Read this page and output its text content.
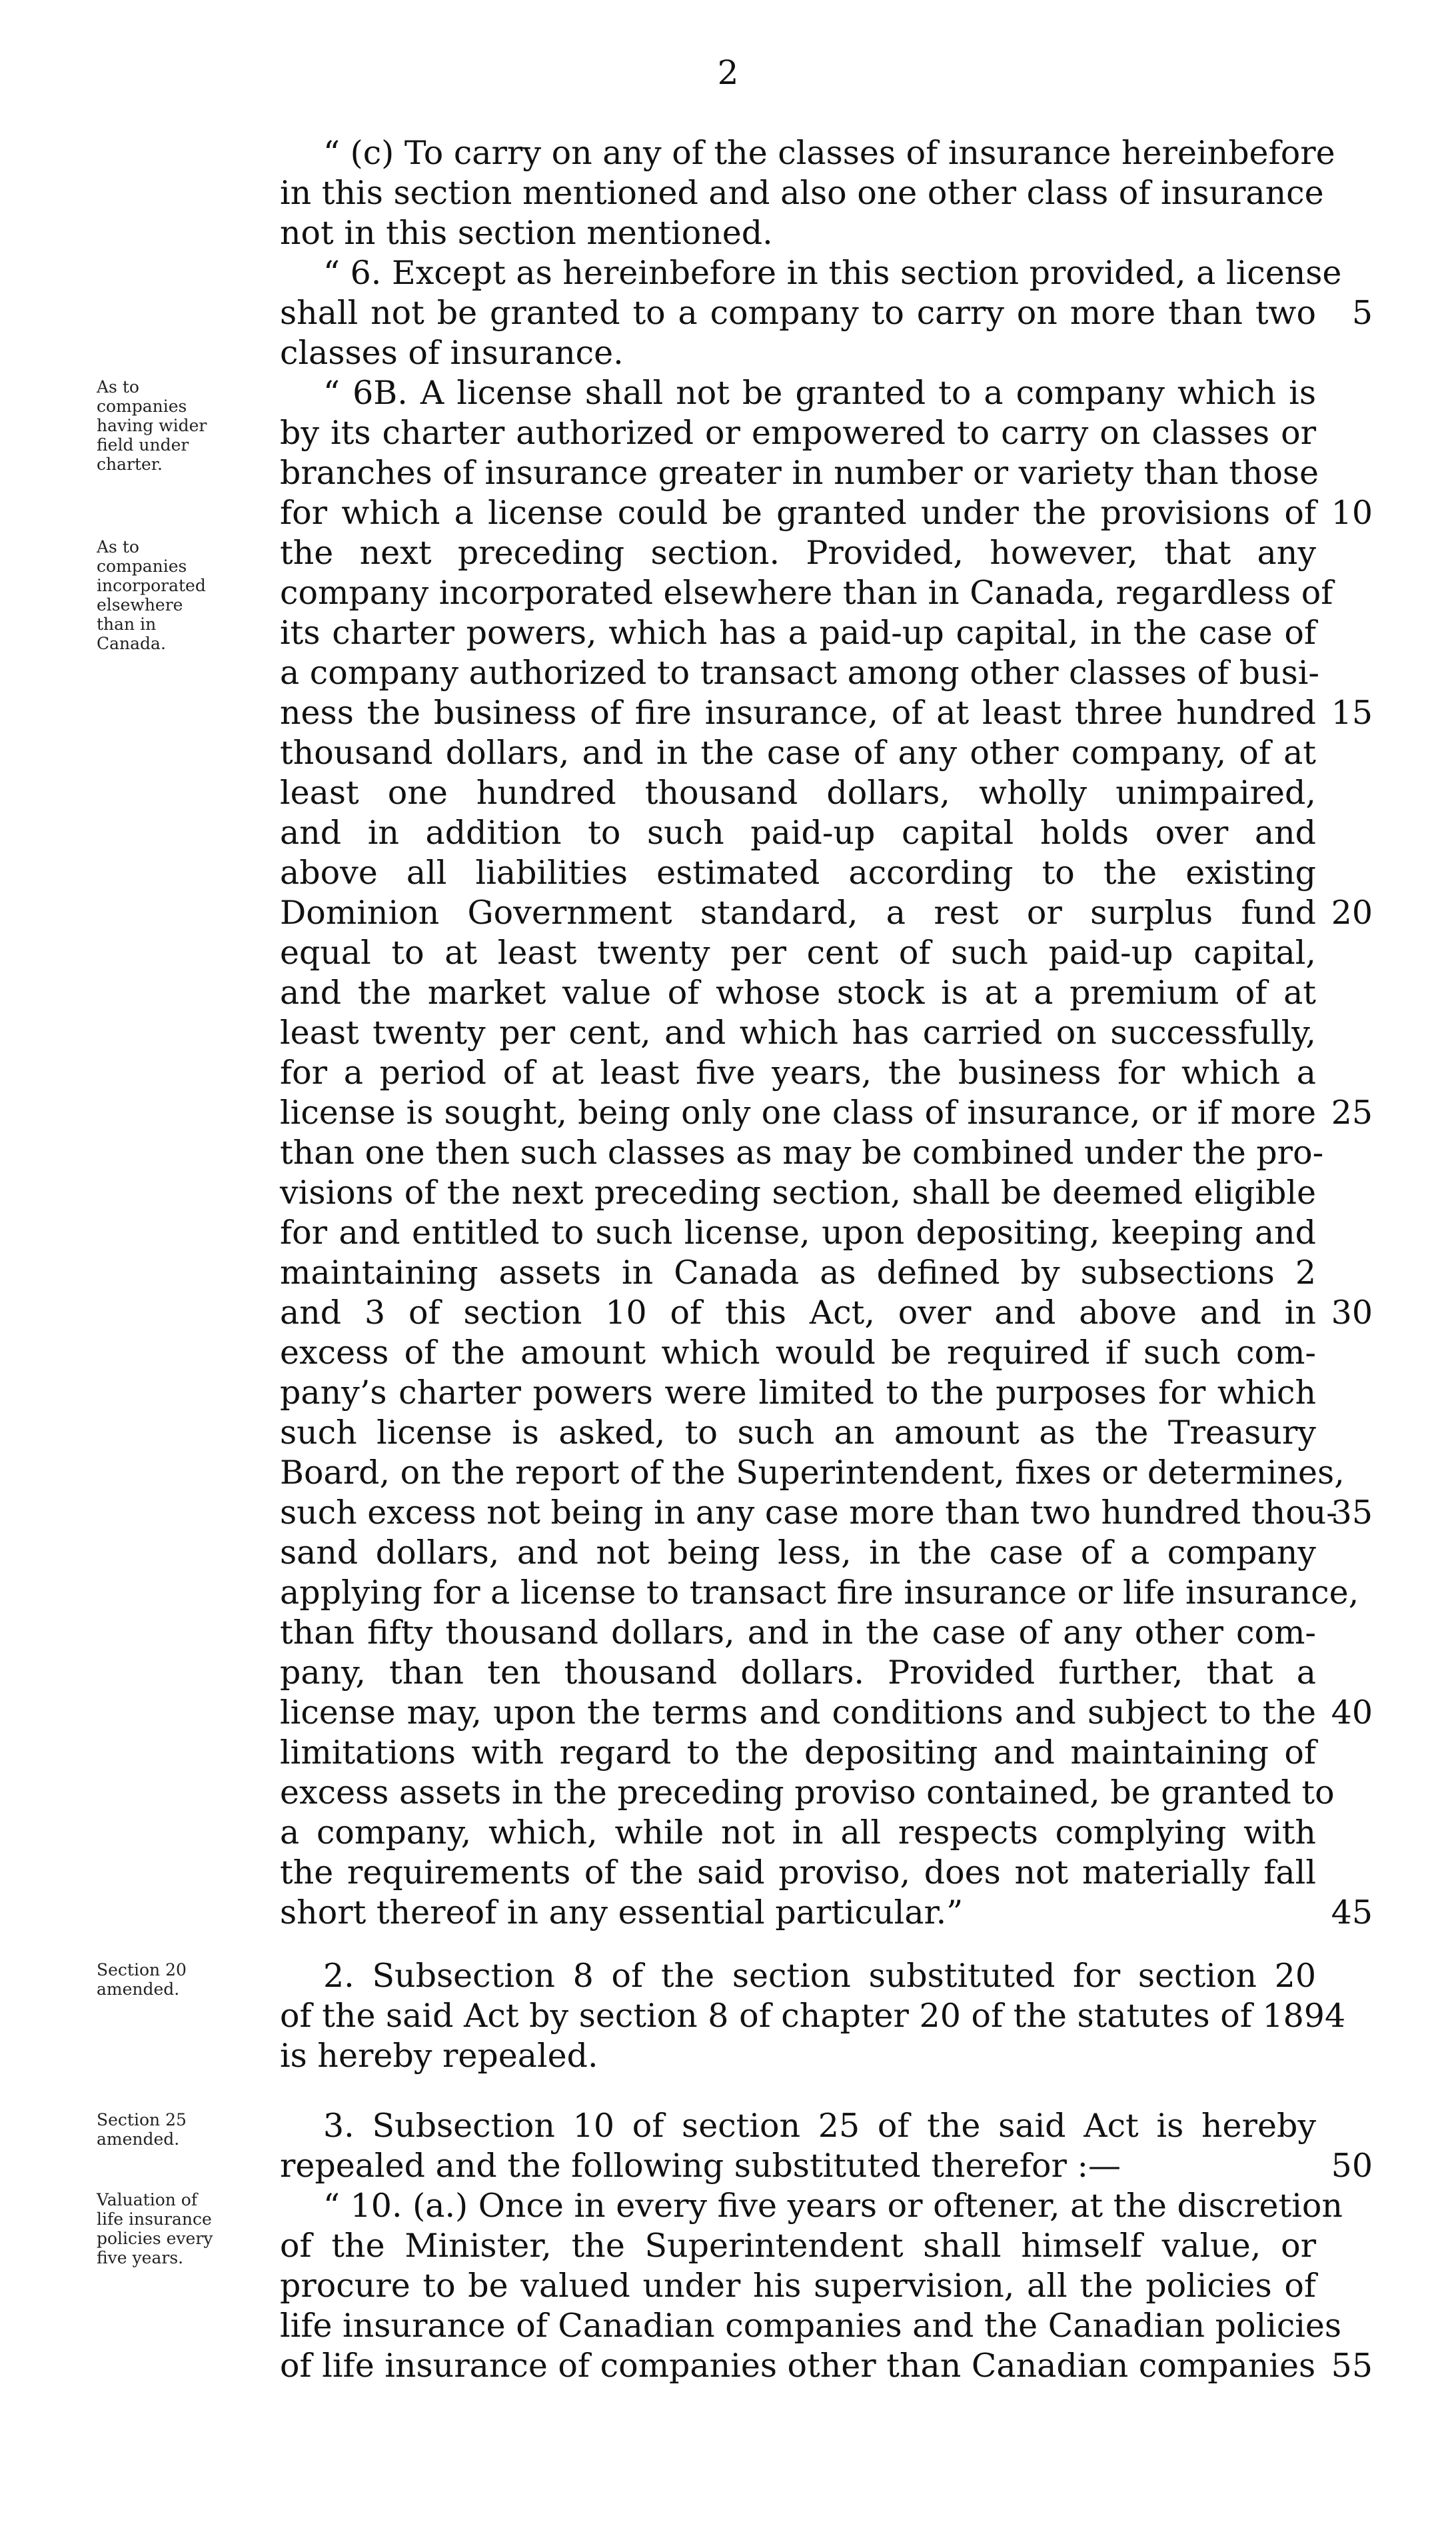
2
As to
companies
having wider
field under
charter.
As to
companies
incorporated
elsewhere
than in
Canada.
Section 20
amended.
Section 25
amended.
Valuation of
life insurance
policies every
five years.
“ (c) To carry on any of the classes of insurance hereinbefore
in this section mentioned and also one other class of insurance
not in this section mentioned.
“ 6. Except as hereinbefore in this section provided, a license
shall not be granted to a company to carry on more than two
classes of insurance.
“ 6B. A license shall not be granted to a company which is
by its charter authorized or empowered to carry on classes or
branches of insurance greater in number or variety than those
for which a license could be granted under the provisions of
the next preceding section. Provided, however, that any
company incorporated elsewhere than in Canada, regardless of
its charter powers, which has a paid-up capital, in the case of
a company authorized to transact among other classes of busi-
ness the business of fire insurance, of at least three hundred
thousand dollars, and in the case of any other company, of at
least one hundred thousand dollars, wholly unimpaired,
and in addition to such paid-up capital holds over and
above all liabilities estimated according to the existing
Dominion Government standard, a rest or surplus fund
equal to at least twenty per cent of such paid-up capital,
and the market value of whose stock is at a premium of at
least twenty per cent, and which has carried on successfully,
for a period of at least five years, the business for which a
license is sought, being only one class of insurance, or if more
than one then such classes as may be combined under the pro-
visions of the next preceding section, shall be deemed eligible
for and entitled to such license, upon depositing, keeping and
maintaining assets in Canada as defined by subsections 2
and 3 of section 10 of this Act, over and above and in
excess of the amount which would be required if such com-
pany’s charter powers were limited to the purposes for which
such license is asked, to such an amount as the Treasury
Board, on the report of the Superintendent, fixes or determines,
such excess not being in any case more than two hundred thou-
sand dollars, and not being less, in the case of a company
applying for a license to transact fire insurance or life insurance,
than fifty thousand dollars, and in the case of any other com-
pany, than ten thousand dollars. Provided further, that a
license may, upon the terms and conditions and subject to the
limitations with regard to the depositing and maintaining of
excess assets in the preceding proviso contained, be granted to
a company, which, while not in all respects complying with
the requirements of the said proviso, does not materially fall
short thereof in any essential particular.”
2. Subsection 8 of the section substituted for section 20
of the said Act by section 8 of chapter 20 of the statutes of 1894
is hereby repealed.
3. Subsection 10 of section 25 of the said Act is hereby
repealed and the following substituted therefor :—
“ 10. (a.) Once in every five years or oftener, at the discretion
of the Minister, the Superintendent shall himself value, or
procure to be valued under his supervision, all the policies of
life insurance of Canadian companies and the Canadian policies
of life insurance of companies other than Canadian companies
5
10
15
20
25
30
35
40
45
50
55
